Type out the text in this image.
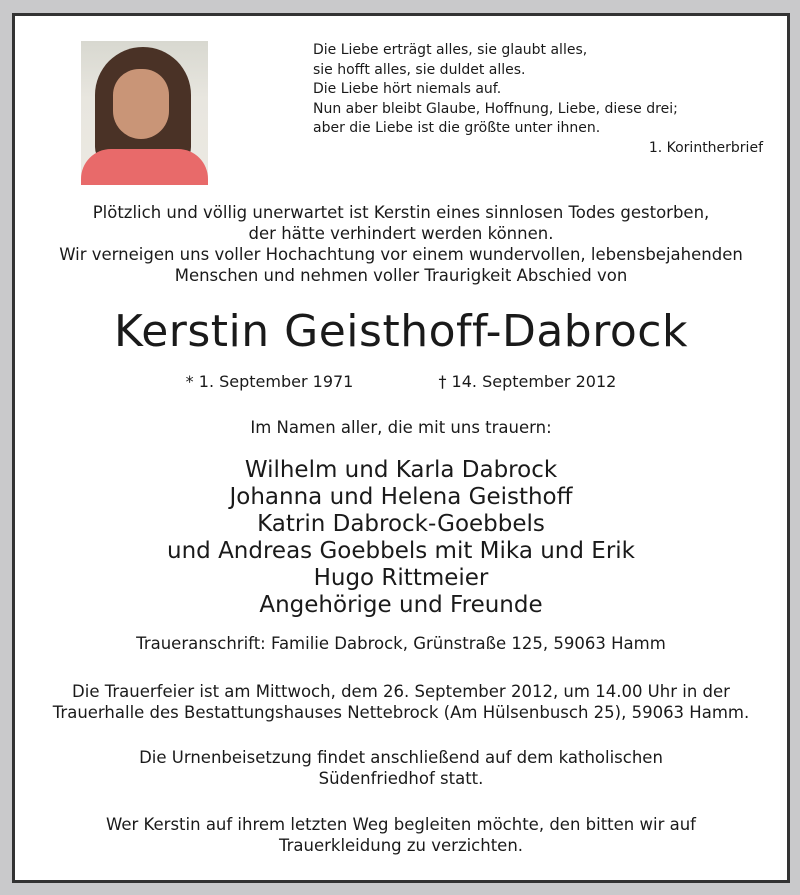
Die Liebe erträgt alles, sie glaubt alles,
sie hofft alles, sie duldet alles.
Die Liebe hört niemals auf.
Nun aber bleibt Glaube, Hoffnung, Liebe, diese drei;
aber die Liebe ist die größte unter ihnen.
1. Korintherbrief
Plötzlich und völlig unerwartet ist Kerstin eines sinnlosen Todes gestorben,
der hätte verhindert werden können.
Wir verneigen uns voller Hochachtung vor einem wundervollen, lebensbejahenden
Menschen und nehmen voller Traurigkeit Abschied von
Kerstin Geisthoff-Dabrock
* 1. September 1971	† 14. September 2012
Im Namen aller, die mit uns trauern:
Wilhelm und Karla Dabrock
Johanna und Helena Geisthoff
Katrin Dabrock-Goebbels
und Andreas Goebbels mit Mika und Erik
Hugo Rittmeier
Angehörige und Freunde
Traueranschrift: Familie Dabrock, Grünstraße 125, 59063 Hamm
Die Trauerfeier ist am Mittwoch, dem 26. September 2012, um 14.00 Uhr in der
Trauerhalle des Bestattungshauses Nettebrock (Am Hülsenbusch 25), 59063 Hamm.
Die Urnenbeisetzung findet anschließend auf dem katholischen
Südenfriedhof statt.
Wer Kerstin auf ihrem letzten Weg begleiten möchte, den bitten wir auf
Trauerkleidung zu verzichten.
